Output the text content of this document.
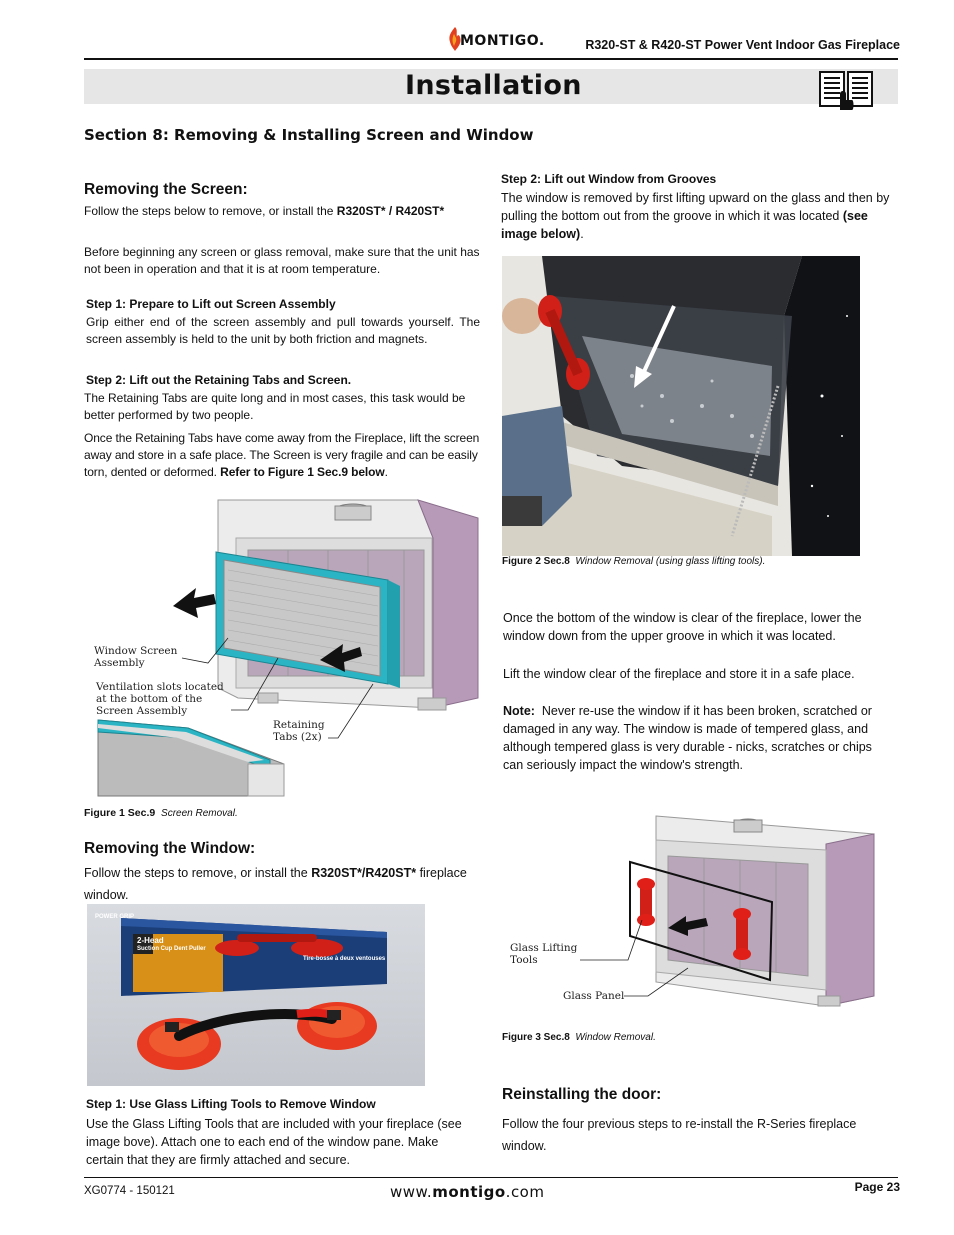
MONTIGO.	R320-ST & R420-ST Power Vent Indoor Gas Fireplace
Installation
Section 8: Removing & Installing Screen and Window
Removing the Screen:
Follow the steps below to remove, or install the R320ST* / R420ST*
Before beginning any screen or glass removal, make sure that the unit has not been in operation and that it is at room temperature.
Step 1: Prepare to Lift out Screen Assembly
Grip either end of the screen assembly and pull towards yourself. The screen assembly is held to the unit by both friction and magnets.
Step 2: Lift out the Retaining Tabs and Screen.
The Retaining Tabs are quite long and in most cases, this task would be better performed by two people.
Once the Retaining Tabs have come away from the Fireplace, lift the screen away and store in a safe place. The Screen is very fragile and can be easily torn, dented or deformed. Refer to Figure 1 Sec.9 below.
Window Screen Assembly
Ventilation slots located at the bottom of the Screen Assembly
Retaining Tabs (2x)
Figure 1 Sec.9 Screen Removal.
Removing the Window:
Follow the steps to remove, or install the R320ST*/R420ST* fireplace window.
POWER GRIP
2-Head
Suction Cup Dent Puller
Tire-bosse à deux ventouses
Step 1: Use Glass Lifting Tools to Remove Window
Use the Glass Lifting Tools that are included with your fireplace (see image bove). Attach one to each end of the window pane. Make certain that they are firmly attached and secure.
Step 2: Lift out Window from Grooves
The window is removed by first lifting upward on the glass and then by pulling the bottom out from the groove in which it was located (see image below).
Figure 2 Sec.8 Window Removal (using glass lifting tools).
Once the bottom of the window is clear of the fireplace, lower the window down from the upper groove in which it was located.
Lift the window clear of the fireplace and store it in a safe place.
Note: Never re-use the window if it has been broken, scratched or damaged in any way. The window is made of tempered glass, and although tempered glass is very durable - nicks, scratches or chips can seriously impact the window's strength.
Glass Lifting Tools
Glass Panel
Figure 3 Sec.8 Window Removal.
Reinstalling the door:
Follow the four previous steps to re-install the R-Series fireplace window.
XG0774 - 150121	www.montigo.com	Page 23
